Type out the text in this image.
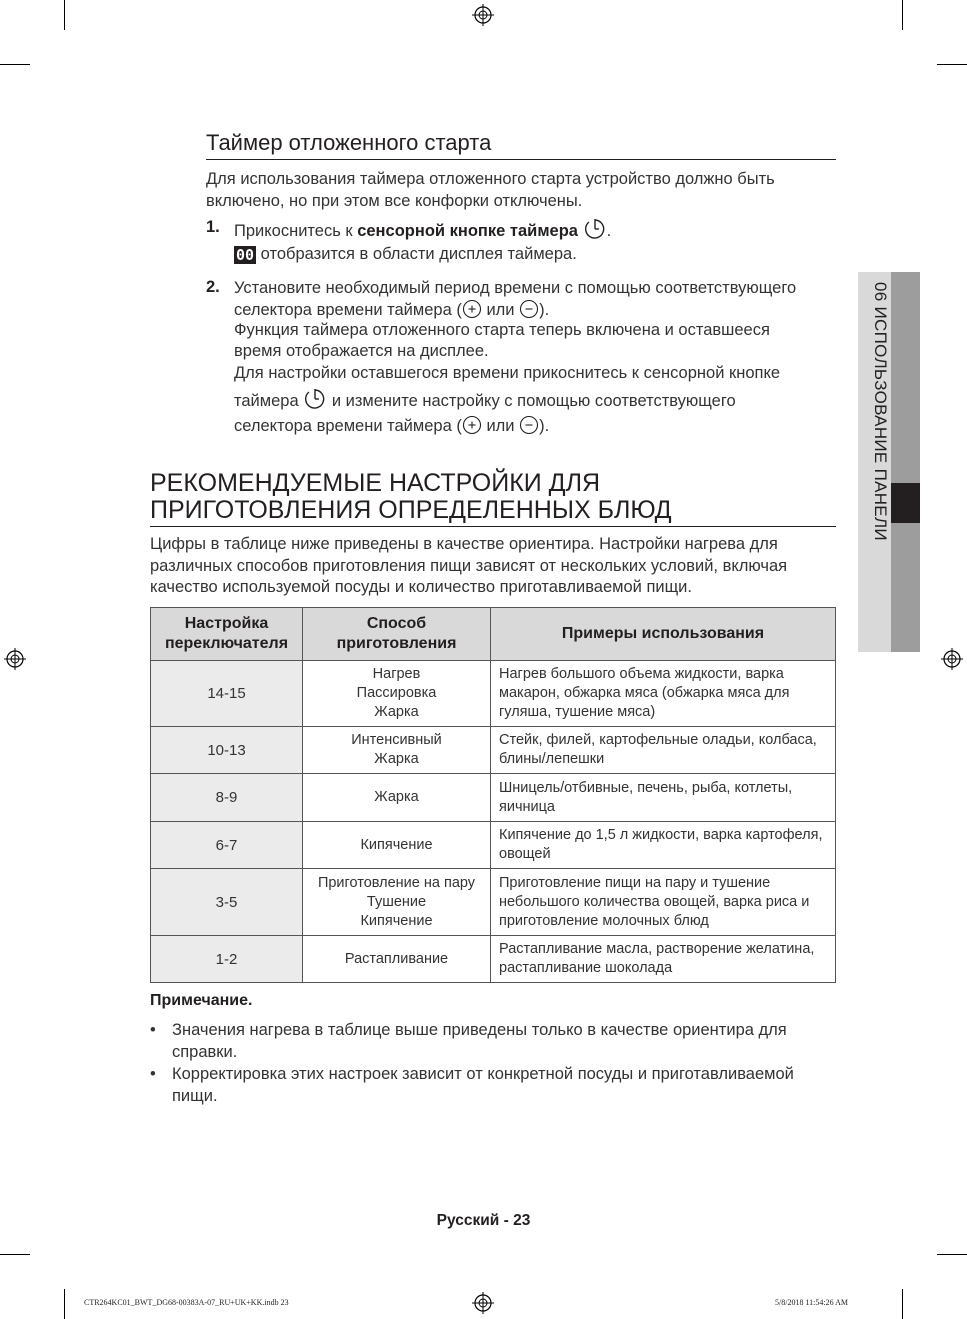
06 ИСПОЛЬЗОВАНИЕ ПАНЕЛИ
Таймер отложенного старта
Для использования таймера отложенного старта устройство должно быть включено, но при этом все конфорки отключены.
1. Прикоснитесь к сенсорной кнопке таймера .
00 отобразится в области дисплея таймера.
2. Установите необходимый период времени с помощью соответствующего
селектора времени таймера ( или ).
Функция таймера отложенного старта теперь включена и оставшееся
время отображается на дисплее.
Для настройки оставшегося времени прикоснитесь к сенсорной кнопке
таймера и измените настройку с помощью соответствующего
селектора времени таймера ( или ).
РЕКОМЕНДУЕМЫЕ НАСТРОЙКИ ДЛЯ
ПРИГОТОВЛЕНИЯ ОПРЕДЕЛЕННЫХ БЛЮД
Цифры в таблице ниже приведены в качестве ориентира. Настройки нагрева для различных способов приготовления пищи зависят от нескольких условий, включая качество используемой посуды и количество приготавливаемой пищи.
Настройка переключателя	Способ приготовления	Примеры использования
14-15	Нагрев
Пассировка
Жарка	Нагрев большого объема жидкости, варка макарон, обжарка мяса (обжарка мяса для гуляша, тушение мяса)
10-13	Интенсивный
Жарка	Стейк, филей, картофельные оладьи, колбаса, блины/лепешки
8-9	Жарка	Шницель/отбивные, печень, рыба, котлеты, яичница
6-7	Кипячение	Кипячение до 1,5 л жидкости, варка картофеля, овощей
3-5	Приготовление на пару
Тушение
Кипячение	Приготовление пищи на пару и тушение небольшого количества овощей, варка риса и приготовление молочных блюд
1-2	Растапливание	Растапливание масла, растворение желатина, растапливание шоколада
Примечание.
• Значения нагрева в таблице выше приведены только в качестве ориентира для справки.
• Корректировка этих настроек зависит от конкретной посуды и приготавливаемой пищи.
Русский - 23
CTR264KC01_BWT_DG68-00383A-07_RU+UK+KK.indb 23	5/8/2018 11:54:26 AM
